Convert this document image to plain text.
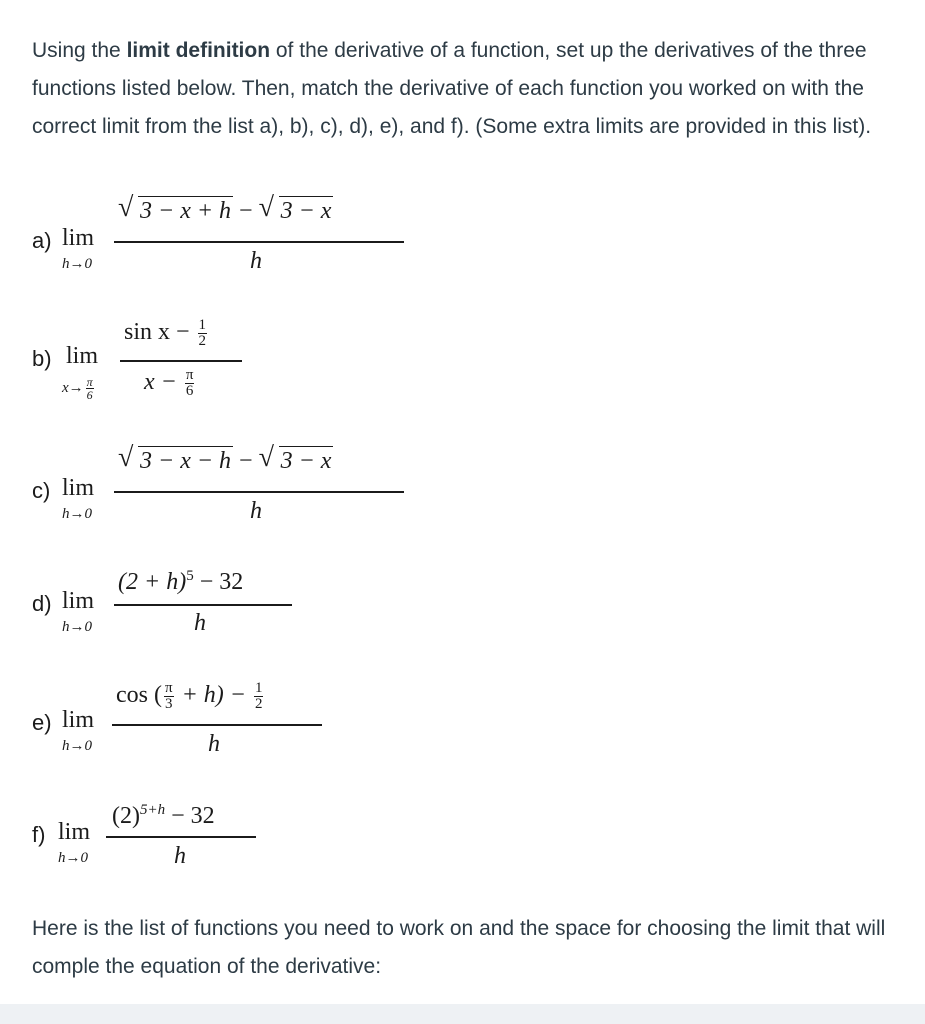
Using the limit definition of the derivative of a function, set up the derivatives of the three functions listed below. Then, match the derivative of each function you worked on with the correct limit from the list a), b), c), d), e), and f). (Some extra limits are provided in this list).
a) lim
h→0
√ 3 − x + h − √ 3 − x
h
b) lim
$x\to \frac{\pi}{6}$
$\sin x - \frac{1}{2}$
$x - \frac{\pi}{6}$
c) lim
h→0
√ 3 − x − h − √ 3 − x
h
d) lim
h→0
$(2 + h)^5 - 32$
h
e) lim
h→0
cos ( $\frac{\pi}{3} + h) - \frac{1}{2}$
h
f) lim
h→0
$(2)^{5+h} - 32$
h
Here is the list of functions you need to work on and the space for choosing the limit that will comple the equation of the derivative:
